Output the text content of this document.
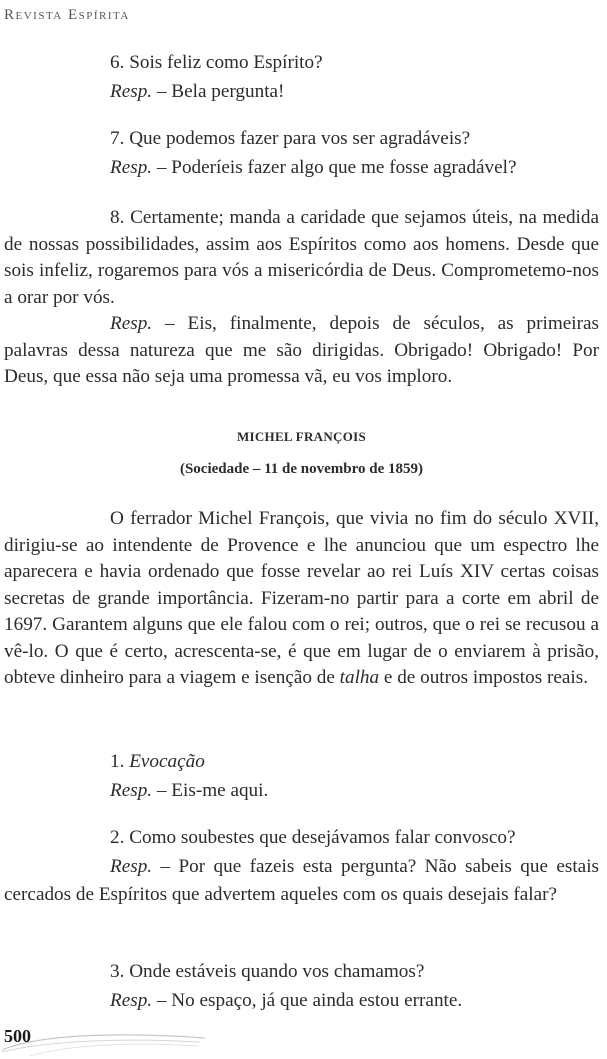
Revista Espírita

6. Sois feliz como Espírito?

Resp. – Bela pergunta!

7. Que podemos fazer para vos ser agradáveis?

Resp. – Poderíeis fazer algo que me fosse agradável?

8. Certamente; manda a caridade que sejamos úteis, na medida de nossas possibilidades, assim aos Espíritos como aos homens. Desde que sois infeliz, rogaremos para vós a misericórdia de Deus. Comprometemo-nos a orar por vós.

Resp. – Eis, finalmente, depois de séculos, as primeiras palavras dessa natureza que me são dirigidas. Obrigado! Obrigado! Por Deus, que essa não seja uma promessa vã, eu vos imploro.

MICHEL FRANÇOIS

(Sociedade – 11 de novembro de 1859)

O ferrador Michel François, que vivia no fim do século XVII, dirigiu-se ao intendente de Provence e lhe anunciou que um espectro lhe aparecera e havia ordenado que fosse revelar ao rei Luís XIV certas coisas secretas de grande importância. Fizeram-no partir para a corte em abril de 1697. Garantem alguns que ele falou com o rei; outros, que o rei se recusou a vê-lo. O que é certo, acrescenta-se, é que em lugar de o enviarem à prisão, obteve dinheiro para a viagem e isenção de talha e de outros impostos reais.

1. Evocação

Resp. – Eis-me aqui.

2. Como soubestes que desejávamos falar convosco?

Resp. – Por que fazeis esta pergunta? Não sabeis que estais cercados de Espíritos que advertem aqueles com os quais desejais falar?

3. Onde estáveis quando vos chamamos?

Resp. – No espaço, já que ainda estou errante.

500
